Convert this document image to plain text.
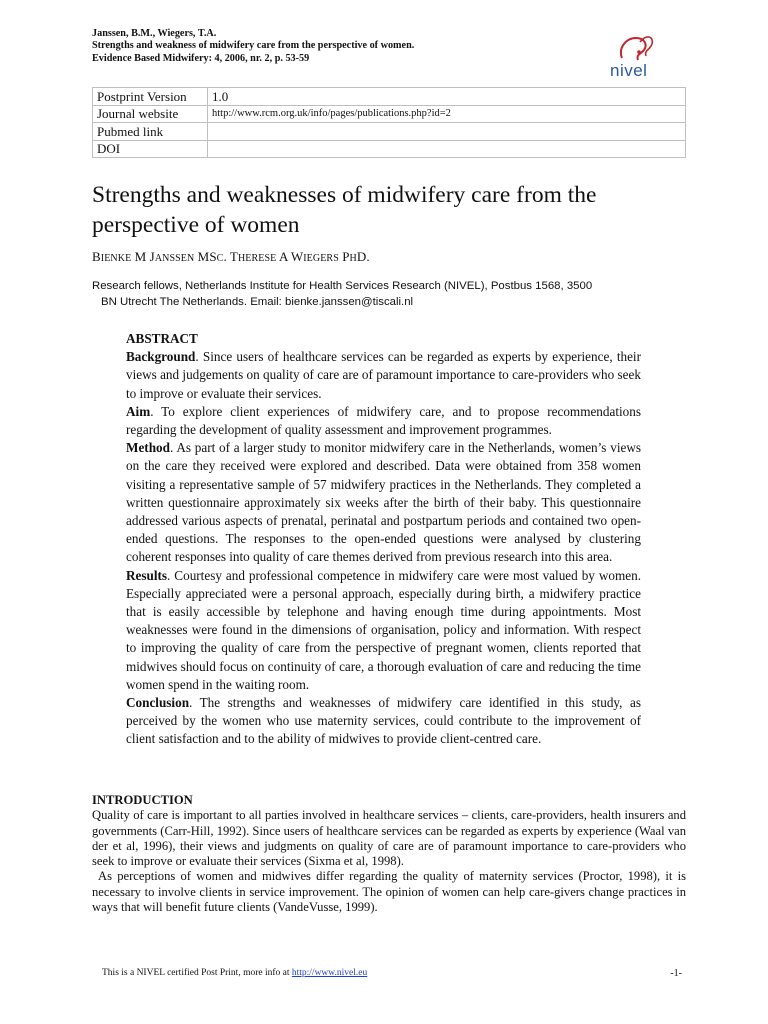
Janssen, B.M., Wiegers, T.A.
Strengths and weakness of midwifery care from the perspective of women.
Evidence Based Midwifery: 4, 2006, nr. 2, p. 53-59
nivel
Postprint Version	1.0
Journal website	http://www.rcm.org.uk/info/pages/publications.php?id=2
Pubmed link	
DOI	
Strengths and weaknesses of midwifery care from the perspective of women
BIENKE M JANSSEN MSC. THERESE A WIEGERS PHD.
Research fellows, Netherlands Institute for Health Services Research (NIVEL), Postbus 1568, 3500
BN Utrecht The Netherlands. Email: bienke.janssen@tiscali.nl

ABSTRACT

Background. Since users of healthcare services can be regarded as experts by experience, their views and judgements on quality of care are of paramount importance to care-providers who seek to improve or evaluate their services.

Aim. To explore client experiences of midwifery care, and to propose recommendations regarding the development of quality assessment and improvement programmes.

Method. As part of a larger study to monitor midwifery care in the Netherlands, women’s views on the care they received were explored and described. Data were obtained from 358 women visiting a representative sample of 57 midwifery practices in the Netherlands. They completed a written questionnaire approximately six weeks after the birth of their baby. This questionnaire addressed various aspects of prenatal, perinatal and postpartum periods and contained two open-ended questions. The responses to the open-ended questions were analysed by clustering coherent responses into quality of care themes derived from previous research into this area.

Results. Courtesy and professional competence in midwifery care were most valued by women. Especially appreciated were a personal approach, especially during birth, a midwifery practice that is easily accessible by telephone and having enough time during appointments. Most weaknesses were found in the dimensions of organisation, policy and information. With respect to improving the quality of care from the perspective of pregnant women, clients reported that midwives should focus on continuity of care, a thorough evaluation of care and reducing the time women spend in the waiting room.

Conclusion. The strengths and weaknesses of midwifery care identified in this study, as perceived by the women who use maternity services, could contribute to the improvement of client satisfaction and to the ability of midwives to provide client-centred care.

INTRODUCTION

Quality of care is important to all parties involved in healthcare services – clients, care-providers, health insurers and governments (Carr-Hill, 1992). Since users of healthcare services can be regarded as experts by experience (Waal van der et al, 1996), their views and judgments on quality of care are of paramount importance to care-providers who seek to improve or evaluate their services (Sixma et al, 1998).

As perceptions of women and midwives differ regarding the quality of maternity services (Proctor, 1998), it is necessary to involve clients in service improvement. The opinion of women can help care-givers change practices in ways that will benefit future clients (VandeVusse, 1999).

This is a NIVEL certified Post Print, more info at http://www.nivel.eu	-1-
